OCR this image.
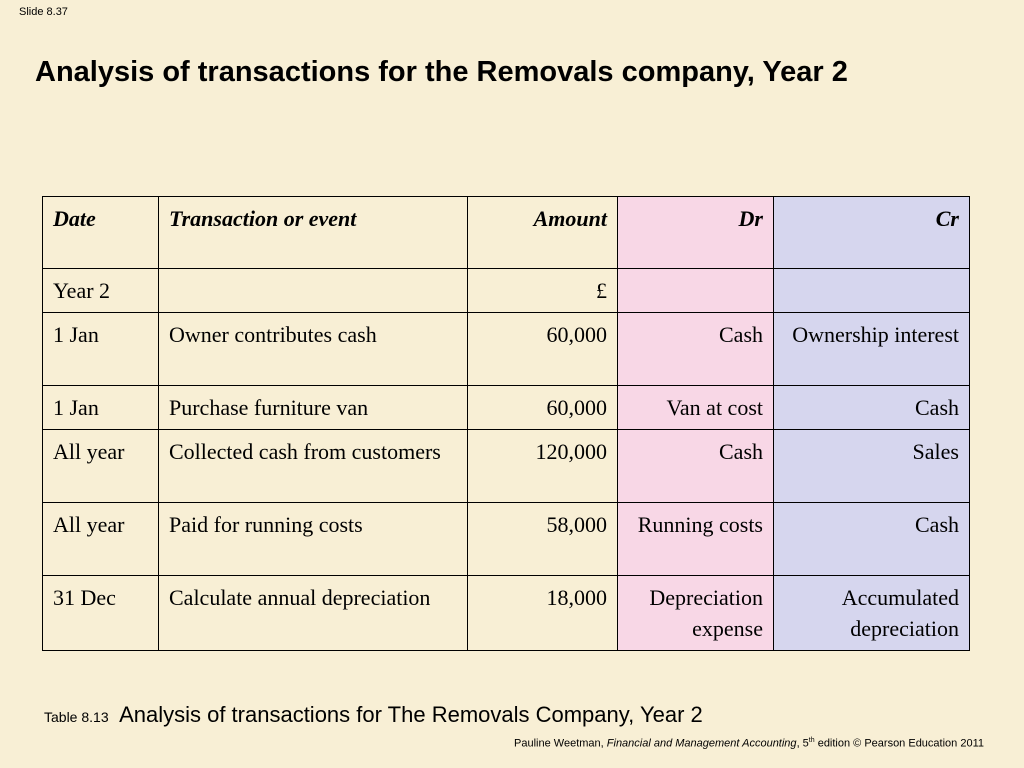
Slide 8.37
Analysis of transactions for the Removals company, Year 2
Date	Transaction or event	Amount	Dr	Cr
Year 2		£		
1 Jan	Owner contributes cash	60,000	Cash	Ownership interest
1 Jan	Purchase furniture van	60,000	Van at cost	Cash
All year	Collected cash from customers	120,000	Cash	Sales
All year	Paid for running costs	58,000	Running costs	Cash
31 Dec	Calculate annual depreciation	18,000	Depreciation expense	Accumulated depreciation
Table 8.13 Analysis of transactions for The Removals Company, Year 2
Pauline Weetman, Financial and Management Accounting, 5th edition © Pearson Education 2011
